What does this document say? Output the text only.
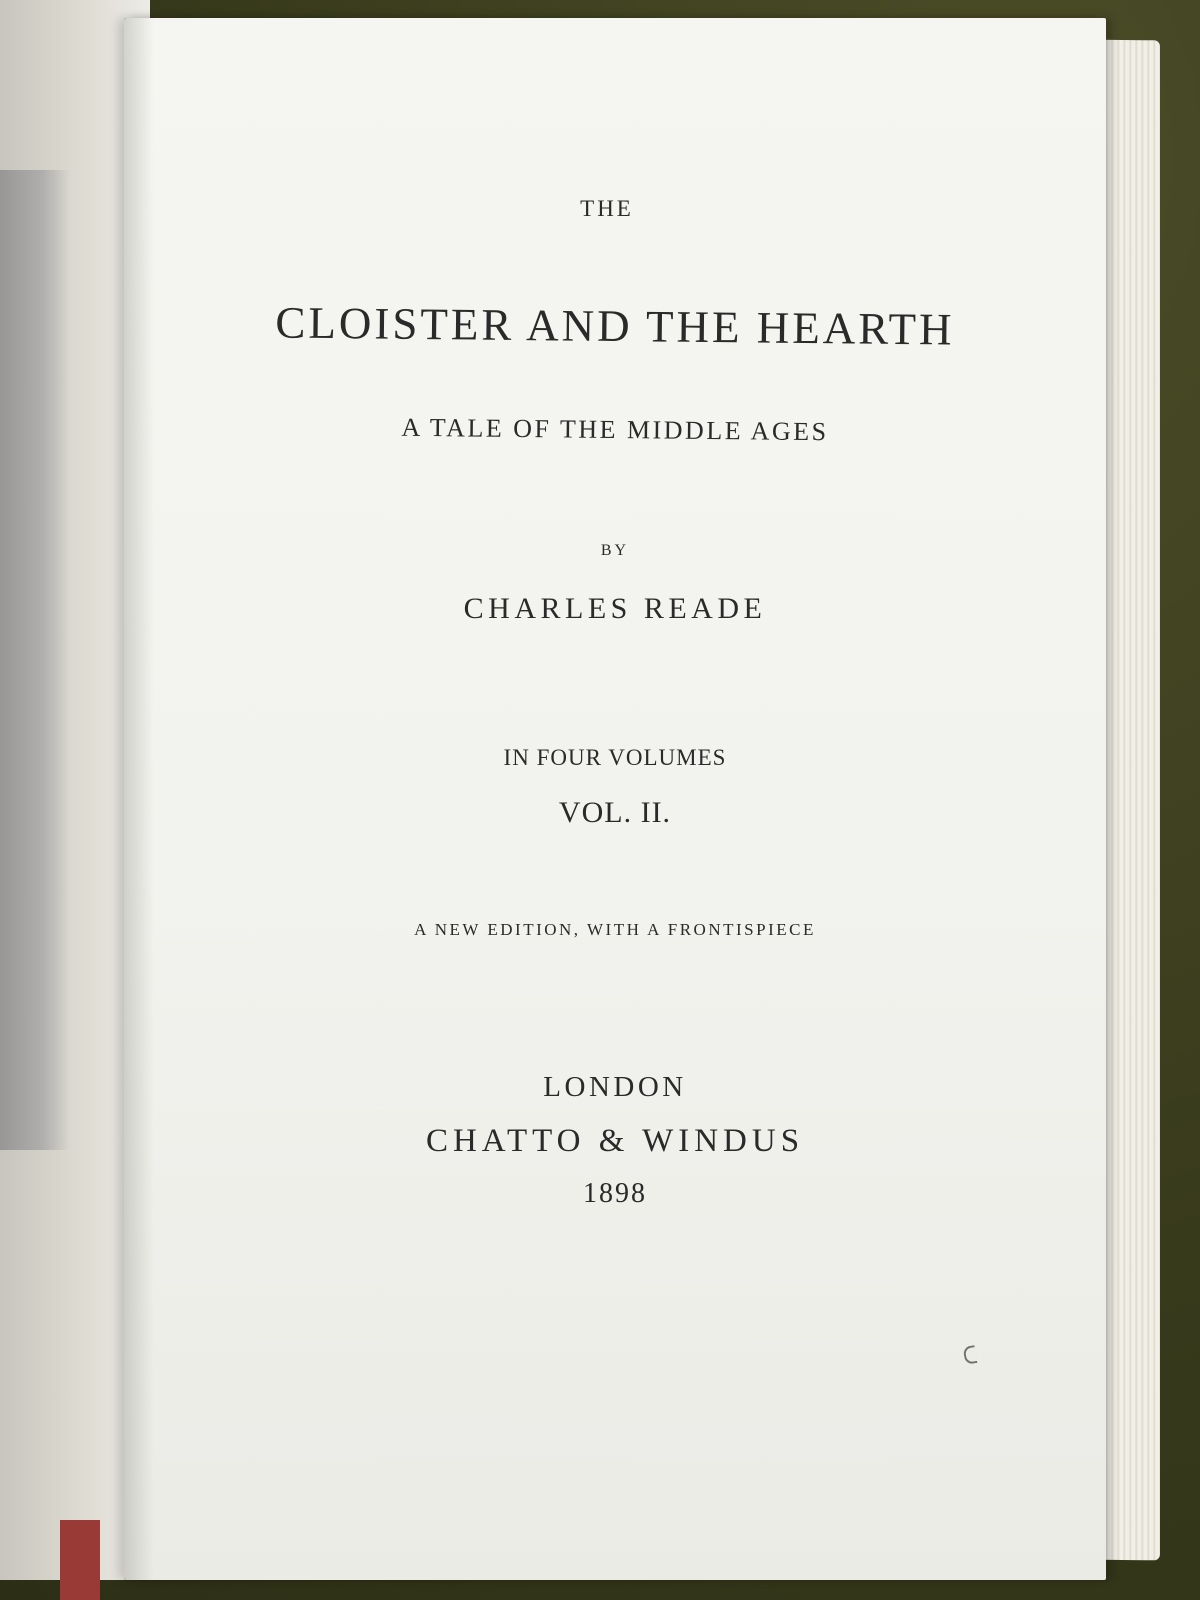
THE
CLOISTER AND THE HEARTH
A TALE OF THE MIDDLE AGES
BY
CHARLES READE
IN FOUR VOLUMES
VOL. II.
A NEW EDITION, WITH A FRONTISPIECE
LONDON
CHATTO & WINDUS
1898
